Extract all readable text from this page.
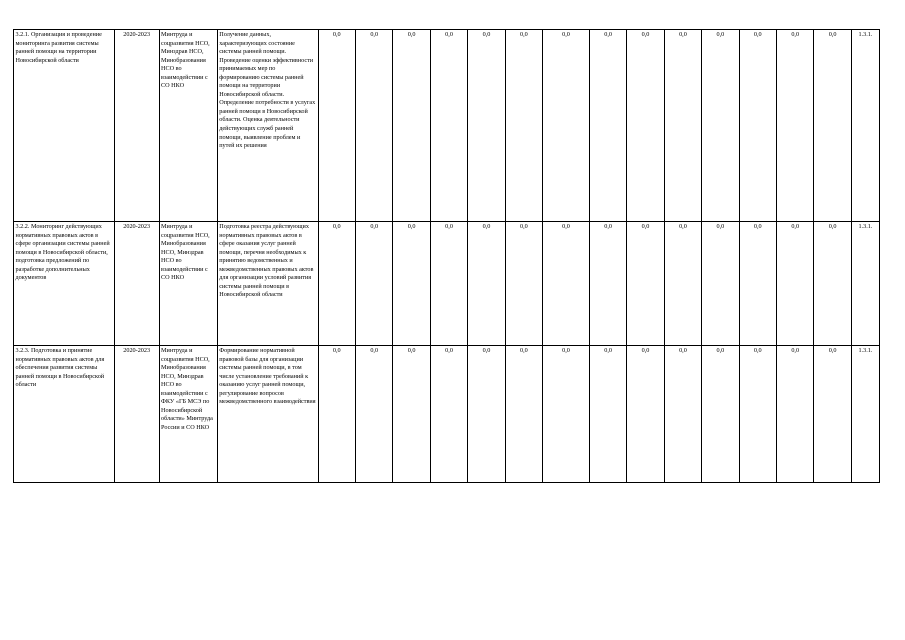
3.2.1. Организация и проведение мониторинга развития системы ранней помощи на территории Новосибирской области	2020-2023	Минтруда и соцразвития НСО, Минздрав НСО, Минобразования НСО во взаимодействии с СО НКО	Получение данных, характеризующих состояние системы ранней помощи. Проведение оценки эффективности принимаемых мер по формированию системы ранней помощи на территории Новосибирской области. Определение потребности в услугах ранней помощи в Новосибирской области. Оценка деятельности действующих служб ранней помощи, выявление проблем и путей их решения	0,0	0,0	0,0	0,0	0,0	0,0	0,0	0,0	0,0	0,0	0,0	0,0	0,0	0,0	1.3.1.
3.2.2. Мониторинг действующих нормативных правовых актов в сфере организации системы ранней помощи в Новосибирской области, подготовка предложений по разработке дополнительных документов	2020-2023	Минтруда и соцразвития НСО, Минобразования НСО, Минздрав НСО во взаимодействии с СО НКО	Подготовка реестра действующих нормативных правовых актов в сфере оказания услуг ранней помощи, перечня необходимых к принятию ведомственных и межведомственных правовых актов для организации условий развития системы ранней помощи в Новосибирской области	0,0	0,0	0,0	0,0	0,0	0,0	0,0	0,0	0,0	0,0	0,0	0,0	0,0	0,0	1.3.1.
3.2.3. Подготовка и принятие нормативных правовых актов для обеспечения развития системы ранней помощи в Новосибирской области	2020-2023	Минтруда и соцразвития НСО, Минобразования НСО, Минздрав НСО во взаимодействии с ФКУ «ГБ МСЭ по Новосибирской области» Минтруда России и СО НКО	Формирование нормативной правовой базы для организации системы ранней помощи, в том числе установление требований к оказанию услуг ранней помощи, регулирование вопросов межведомственного взаимодействия	0,0	0,0	0,0	0,0	0,0	0,0	0,0	0,0	0,0	0,0	0,0	0,0	0,0	0,0	1.3.1.
